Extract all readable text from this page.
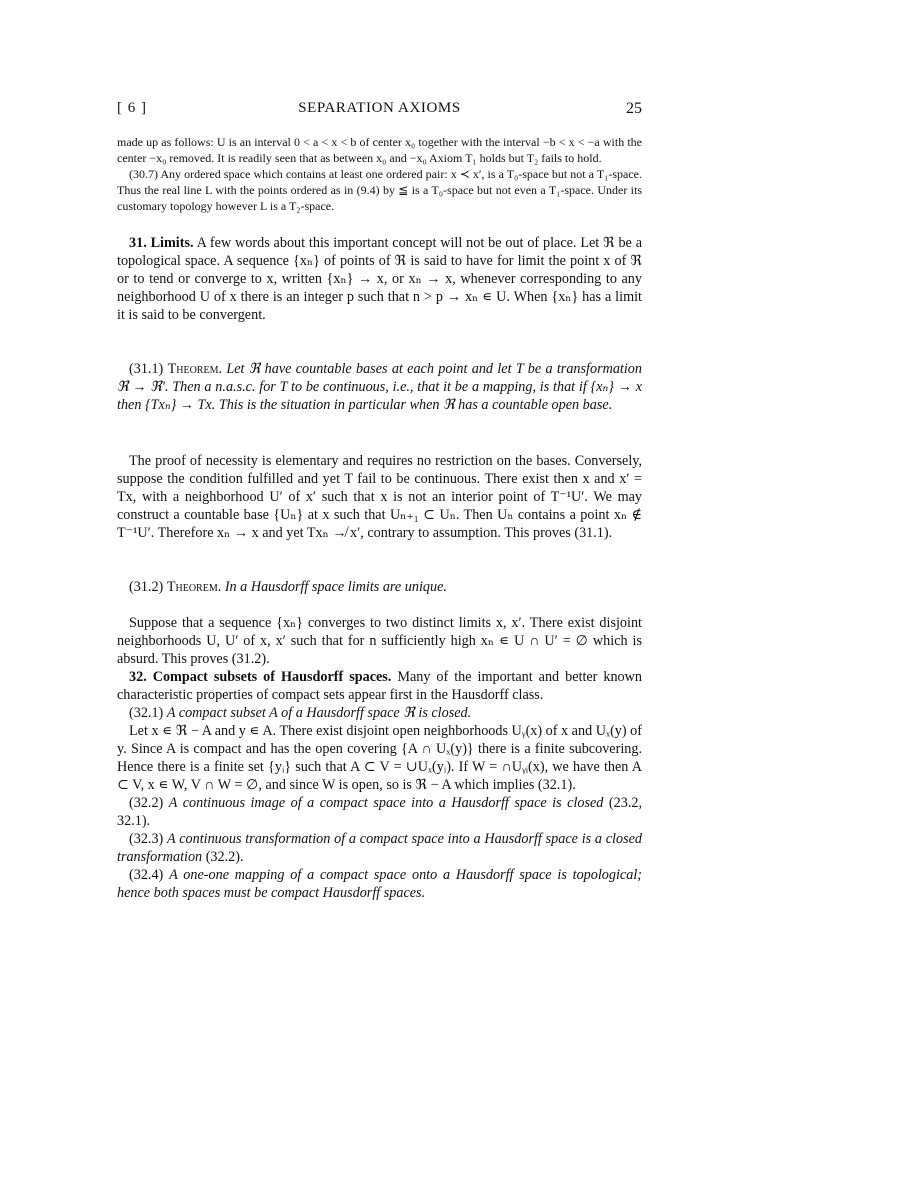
[ 6 ]	SEPARATION AXIOMS	25

made up as follows: U is an interval 0 < a < x < b of center x₀ together with the interval −b < x < −a with the center −x₀ removed. It is readily seen that as between x₀ and −x₀ Axiom T₁ holds but T₂ fails to hold.

(30.7) Any ordered space which contains at least one ordered pair: x ≺ x′, is a T₀-space but not a T₁-space. Thus the real line L with the points ordered as in (9.4) by ≦ is a T₀-space but not even a T₁-space. Under its customary topology however L is a T₂-space.

31. Limits. A few words about this important concept will not be out of place. Let ℜ be a topological space. A sequence {xₙ} of points of ℜ is said to have for limit the point x of ℜ or to tend or converge to x, written {xₙ} → x, or xₙ → x, whenever corresponding to any neighborhood U of x there is an integer p such that n > p → xₙ ∊ U. When {xₙ} has a limit it is said to be convergent.

(31.1) Theorem. Let ℜ have countable bases at each point and let T be a transformation ℜ → ℜ′. Then a n.a.s.c. for T to be continuous, i.e., that it be a mapping, is that if {xₙ} → x then {Txₙ} → Tx. This is the situation in particular when ℜ has a countable open base.

The proof of necessity is elementary and requires no restriction on the bases. Conversely, suppose the condition fulfilled and yet T fail to be continuous. There exist then x and x′ = Tx, with a neighborhood U′ of x′ such that x is not an interior point of T⁻¹U′. We may construct a countable base {Uₙ} at x such that Uₙ₊₁ ⊂ Uₙ. Then Uₙ contains a point xₙ ∉ T⁻¹U′. Therefore xₙ → x and yet Txₙ ↛ x′, contrary to assumption. This proves (31.1).

(31.2) Theorem. In a Hausdorff space limits are unique.

Suppose that a sequence {xₙ} converges to two distinct limits x, x′. There exist disjoint neighborhoods U, U′ of x, x′ such that for n sufficiently high xₙ ∊ U ∩ U′ = ∅ which is absurd. This proves (31.2).

32. Compact subsets of Hausdorff spaces. Many of the important and better known characteristic properties of compact sets appear first in the Hausdorff class.

(32.1) A compact subset A of a Hausdorff space ℜ is closed.

Let x ∊ ℜ − A and y ∊ A. There exist disjoint open neighborhoods Uᵧ(x) of x and Uₓ(y) of y. Since A is compact and has the open covering {A ∩ Uₓ(y)} there is a finite subcovering. Hence there is a finite set {yᵢ} such that A ⊂ V = ∪Uₓ(yᵢ). If W = ∩Uᵧᵢ(x), we have then A ⊂ V, x ∊ W, V ∩ W = ∅, and since W is open, so is ℜ − A which implies (32.1).

(32.2) A continuous image of a compact space into a Hausdorff space is closed (23.2, 32.1).

(32.3) A continuous transformation of a compact space into a Hausdorff space is a closed transformation (32.2).

(32.4) A one-one mapping of a compact space onto a Hausdorff space is topological; hence both spaces must be compact Hausdorff spaces.
